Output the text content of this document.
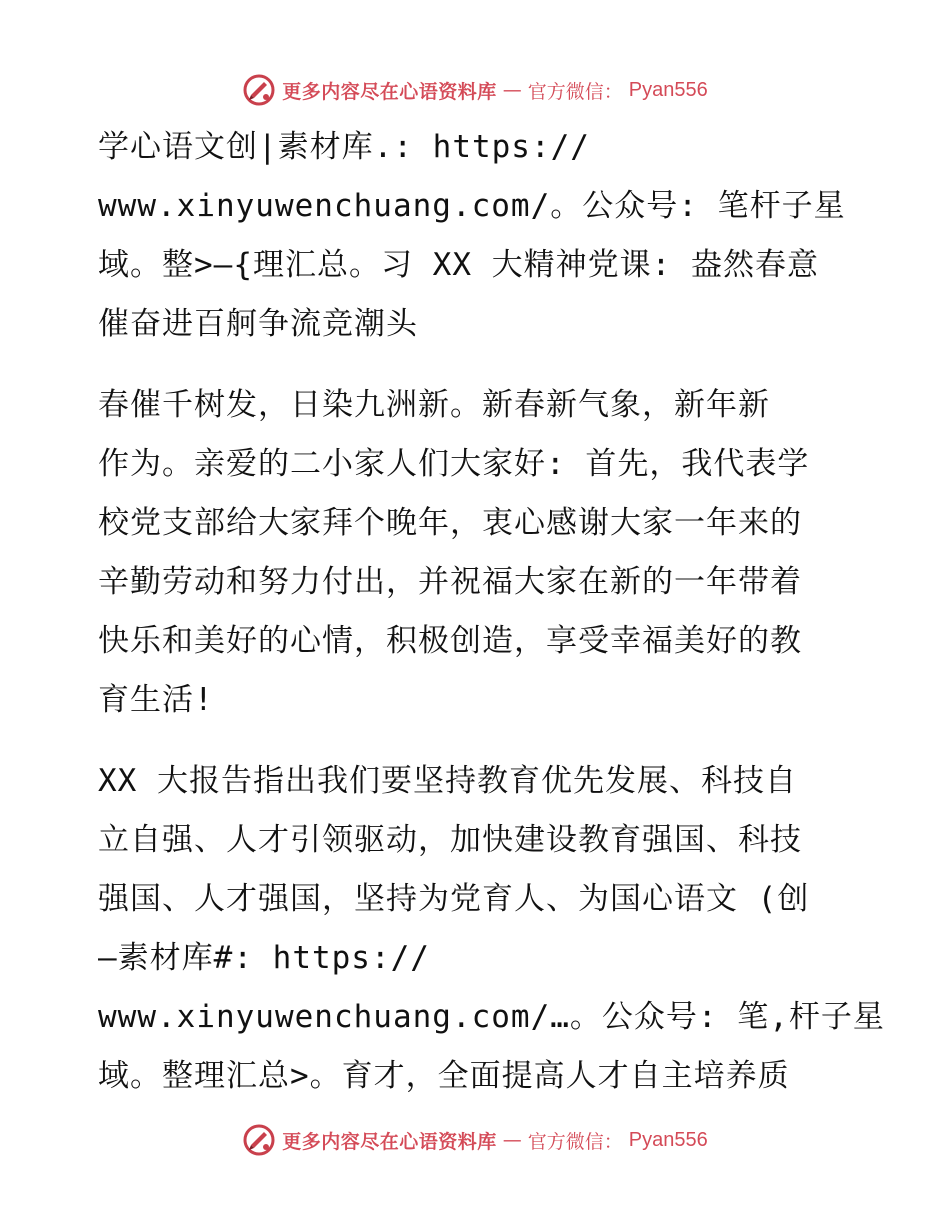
更多内容尽在心语资料库 — 官方微信： Pyan556
学心语文创|素材库.: https://
www.xinyuwenchuang.com/。公众号: 笔杆子星
域。整>—{理汇总。习 XX 大精神党课: 盎然春意
催奋进百舸争流竞潮头
春催千树发，日染九洲新。新春新气象，新年新
作为。亲爱的二小家人们大家好: 首先，我代表学
校党支部给大家拜个晚年，衷心感谢大家一年来的
辛勤劳动和努力付出，并祝福大家在新的一年带着
快乐和美好的心情，积极创造，享受幸福美好的教
育生活!
XX 大报告指出我们要坚持教育优先发展、科技自
立自强、人才引领驱动，加快建设教育强国、科技
强国、人才强国，坚持为党育人、为国心语文 (创
—素材库#: https://
www.xinyuwenchuang.com/…。公众号: 笔,杆子星
域。整理汇总>。育才，全面提高人才自主培养质
更多内容尽在心语资料库 — 官方微信： Pyan556
